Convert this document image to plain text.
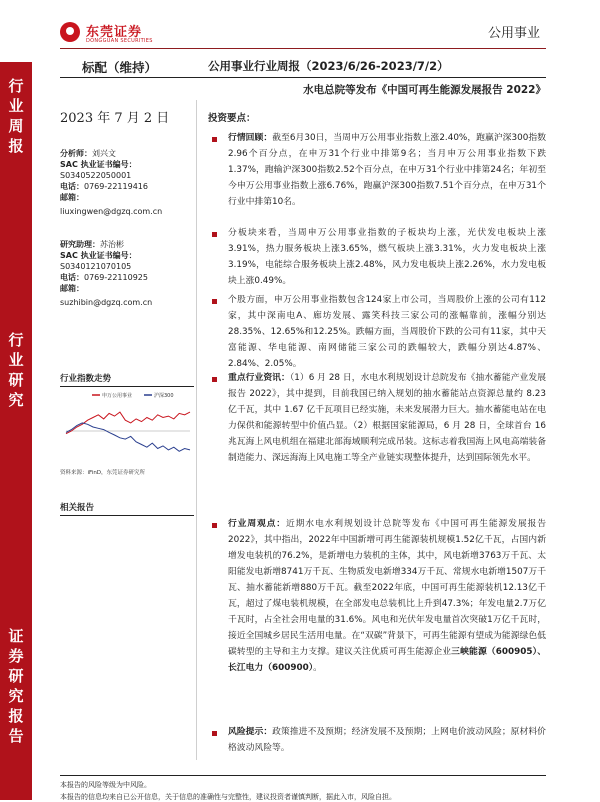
东莞证券
DONGGUAN SECURITIES	公用事业
行
业
周
报
行
业
研
究
证
券
研
究
报
告
标配（维持）	公用事业行业周报（2023/6/26-2023/7/2）
水电总院等发布《中国可再生能源发展报告 2022》
2023 年 7 月 2 日
分析师：刘兴文
SAC 执业证书编号：
S0340522050001
电话：0769-22119416
邮箱：
liuxingwen@dgzq.com.cn
研究助理：苏治彬
SAC 执业证书编号：
S0340121070105
电话：0769-22110925
邮箱：
suzhibin@dgzq.com.cn
行业指数走势
申万公用事业	沪深300
资料来源：iFinD，东莞证券研究所
相关报告
投资要点：
行情回顾：截至6月30日，当周申万公用事业指数上涨2.40%，跑赢沪深300指数2.96个百分点，在申万31个行业中排第9名；当月申万公用事业指数下跌1.37%，跑输沪深300指数2.52个百分点，在申万31个行业中排第24名；年初至今申万公用事业指数上涨6.76%，跑赢沪深300指数7.51个百分点，在申万31个行业中排第10名。
分板块来看，当周申万公用事业指数的子板块均上涨，光伏发电板块上涨3.91%，热力服务板块上涨3.65%，燃气板块上涨3.31%，火力发电板块上涨3.19%，电能综合服务板块上涨2.48%，风力发电板块上涨2.26%，水力发电板块上涨0.49%。
个股方面，申万公用事业指数包含124家上市公司，当周股价上涨的公司有112家，其中深南电A、廊坊发展、露笑科技三家公司的涨幅靠前，涨幅分别达28.35%、12.65%和12.25%。跌幅方面，当周股价下跌的公司有11家，其中天富能源、华电能源、南网储能三家公司的跌幅较大，跌幅分别达4.87%、2.84%、2.05%。
重点行业资讯：（1）6 月 28 日，水电水利规划设计总院发布《抽水蓄能产业发展报告 2022》，其中提到，目前我国已纳入规划的抽水蓄能站点资源总量约 8.23 亿千瓦，其中 1.67 亿千瓦项目已经实施，未来发展潜力巨大。抽水蓄能电站在电力保供和能源转型中价值凸显。（2）根据国家能源局，6 月 28 日，全球首台 16 兆瓦海上风电机组在福建北部海域顺利完成吊装。这标志着我国海上风电高端装备制造能力、深远海海上风电施工等全产业链实现整体提升，达到国际领先水平。
行业周观点：近期水电水利规划设计总院等发布《中国可再生能源发展报告2022》，其中指出，2022年中国新增可再生能源装机规模1.52亿千瓦，占国内新增发电装机的76.2%，是新增电力装机的主体，其中，风电新增3763万千瓦、太阳能发电新增8741万千瓦、生物质发电新增334万千瓦、常规水电新增1507万千瓦、抽水蓄能新增880万千瓦。截至2022年底，中国可再生能源装机12.13亿千瓦，超过了煤电装机规模，在全部发电总装机比上升到47.3%；年发电量2.7万亿千瓦时，占全社会用电量的31.6%。风电和光伏年发电量首次突破1万亿千瓦时，接近全国城乡居民生活用电量。在“双碳”背景下，可再生能源有望成为能源绿色低碳转型的主导和主力支撑。建议关注优质可再生能源企业三峡能源（600905）、长江电力（600900）。
风险提示：政策推进不及预期；经济发展不及预期；上网电价波动风险；原材料价格波动风险等。
本报告的风险等级为中风险。
本报告的信息均来自已公开信息，关于信息的准确性与完整性，建议投资者谨慎判断，据此入市，风险自担。
